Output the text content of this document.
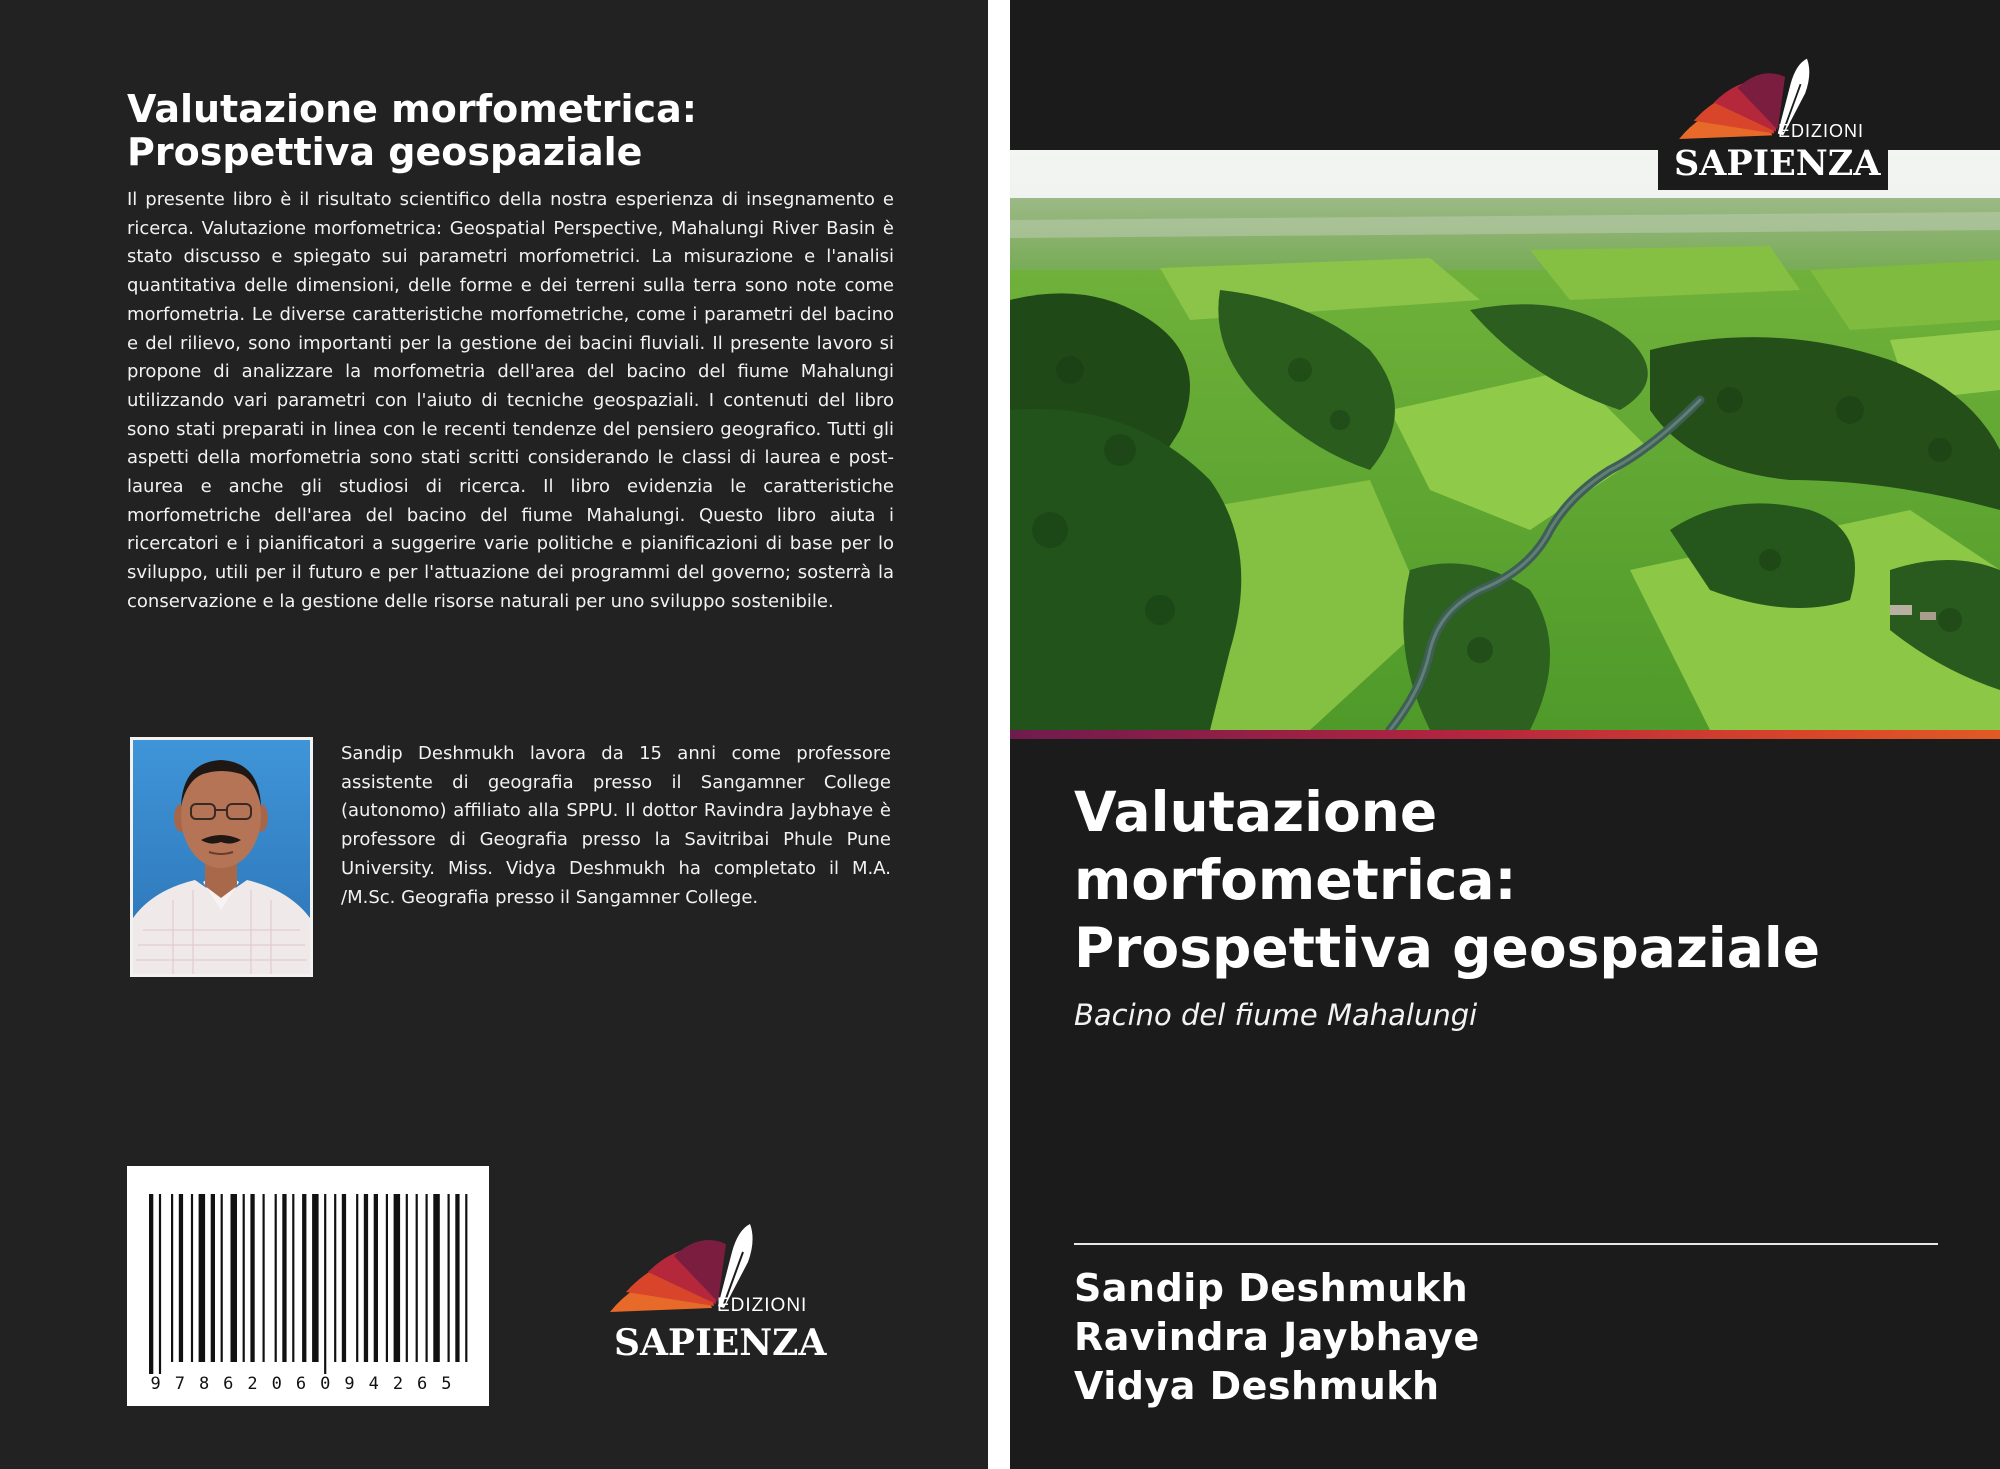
Valutazione morfometrica:
Prospettiva geospaziale

Il presente libro è il risultato scientifico della nostra esperienza di insegnamento e ricerca. Valutazione morfometrica: Geospatial Perspective, Mahalungi River Basin è stato discusso e spiegato sui parametri morfometrici. La misurazione e l'analisi quantitativa delle dimensioni, delle forme e dei terreni sulla terra sono note come morfometria. Le diverse caratteristiche morfometriche, come i parametri del bacino e del rilievo, sono importanti per la gestione dei bacini fluviali. Il presente lavoro si propone di analizzare la morfometria dell'area del bacino del fiume Mahalungi utilizzando vari parametri con l'aiuto di tecniche geospaziali. I contenuti del libro sono stati preparati in linea con le recenti tendenze del pensiero geografico. Tutti gli aspetti della morfometria sono stati scritti considerando le classi di laurea e post-laurea e anche gli studiosi di ricerca. Il libro evidenzia le caratteristiche morfometriche dell'area del bacino del fiume Mahalungi. Questo libro aiuta i ricercatori e i pianificatori a suggerire varie politiche e pianificazioni di base per lo sviluppo, utili per il futuro e per l'attuazione dei programmi del governo; sosterrà la conservazione e la gestione delle risorse naturali per uno sviluppo sostenibile.

Sandip Deshmukh lavora da 15 anni come professore assistente di geografia presso il Sangamner College (autonomo) affiliato alla SPPU. Il dottor Ravindra Jaybhaye è professore di Geografia presso la Savitribai Phule Pune University. Miss. Vidya Deshmukh ha completato il M.A. /M.Sc. Geografia presso il Sangamner College.

9786206094265

EDIZIONI
SAPIENZA
EDIZIONI
SAPIENZA
Valutazione
morfometrica:
Prospettiva geospaziale

Bacino del fiume Mahalungi

Sandip Deshmukh
Ravindra Jaybhaye
Vidya Deshmukh
